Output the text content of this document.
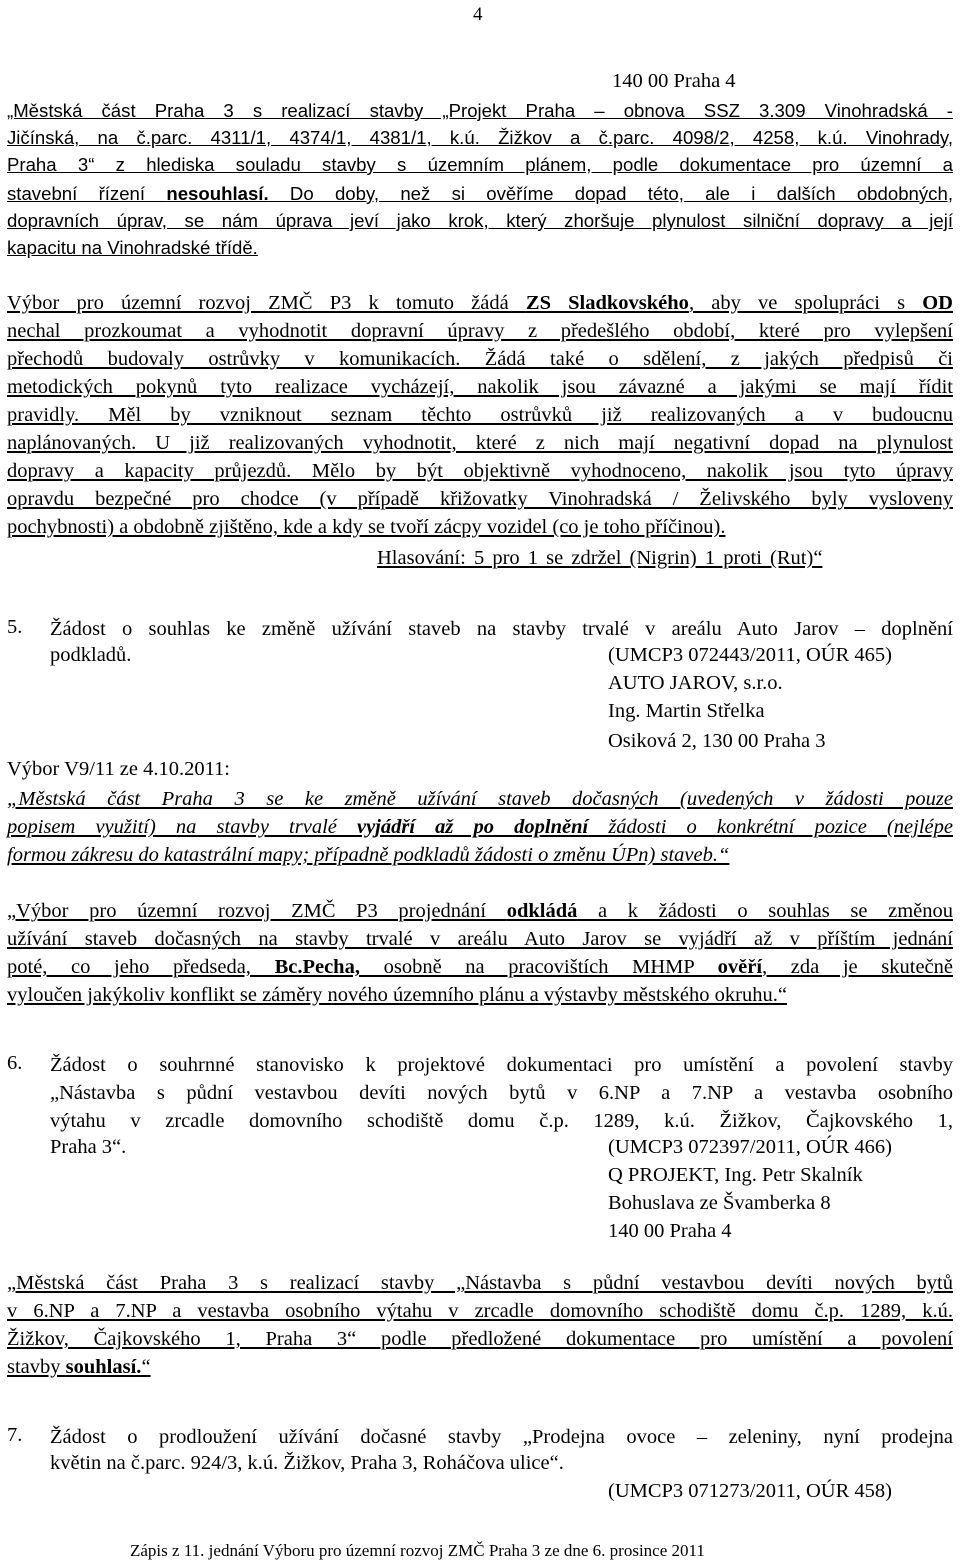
4
140 00 Praha 4
„Městská část Praha 3 s realizací stavby „Projekt Praha – obnova SSZ 3.309 Vinohradská -
Jičínská, na č.parc. 4311/1, 4374/1, 4381/1, k.ú. Žižkov a č.parc. 4098/2, 4258, k.ú. Vinohrady,
Praha 3“ z hlediska souladu stavby s územním plánem, podle dokumentace pro územní a
stavební řízení nesouhlasí. Do doby, než si ověříme dopad této, ale i dalších obdobných,
dopravních úprav, se nám úprava jeví jako krok, který zhoršuje plynulost silniční dopravy a její
kapacitu na Vinohradské třídě.
Výbor pro územní rozvoj ZMČ P3 k tomuto žádá ZS Sladkovského, aby ve spolupráci s OD
nechal prozkoumat a vyhodnotit dopravní úpravy z předešlého období, které pro vylepšení
přechodů budovaly ostrůvky v komunikacích. Žádá také o sdělení, z jakých předpisů či
metodických pokynů tyto realizace vycházejí, nakolik jsou závazné a jakými se mají řídit
pravidly. Měl by vzniknout seznam těchto ostrůvků již realizovaných a v budoucnu
naplánovaných. U již realizovaných vyhodnotit, které z nich mají negativní dopad na plynulost
dopravy a kapacity průjezdů. Mělo by být objektivně vyhodnoceno, nakolik jsou tyto úpravy
opravdu bezpečné pro chodce (v případě křižovatky Vinohradská / Želivského byly vysloveny
pochybnosti) a obdobně zjištěno, kde a kdy se tvoří zácpy vozidel (co je toho příčinou).
Hlasování: 5 pro 1 se zdržel (Nigrin) 1 proti (Rut)“
5. Žádost o souhlas ke změně užívání staveb na stavby trvalé v areálu Auto Jarov – doplnění
podkladů.	(UMCP3 072443/2011, OÚR 465)
AUTO JAROV, s.r.o.
Ing. Martin Střelka
Osiková 2, 130 00 Praha 3
Výbor V9/11 ze 4.10.2011:
„Městská část Praha 3 se ke změně užívání staveb dočasných (uvedených v žádosti pouze
popisem využití) na stavby trvalé vyjádří až po doplnění žádosti o konkrétní pozice (nejlépe
formou zákresu do katastrální mapy; případně podkladů žádosti o změnu ÚPn) staveb.“
„Výbor pro územní rozvoj ZMČ P3 projednání odkládá a k žádosti o souhlas se změnou
užívání staveb dočasných na stavby trvalé v areálu Auto Jarov se vyjádří až v příštím jednání
poté, co jeho předseda, Bc.Pecha, osobně na pracovištích MHMP ověří, zda je skutečně
vyloučen jakýkoliv konflikt se záměry nového územního plánu a výstavby městského okruhu.“
6. Žádost o souhrnné stanovisko k projektové dokumentaci pro umístění a povolení stavby
„Nástavba s půdní vestavbou devíti nových bytů v 6.NP a 7.NP a vestavba osobního
výtahu v zrcadle domovního schodiště domu č.p. 1289, k.ú. Žižkov, Čajkovského 1,
Praha 3“.	(UMCP3 072397/2011, OÚR 466)
Q PROJEKT, Ing. Petr Skalník
Bohuslava ze Švamberka 8
140 00 Praha 4
„Městská část Praha 3 s realizací stavby „Nástavba s půdní vestavbou devíti nových bytů
v 6.NP a 7.NP a vestavba osobního výtahu v zrcadle domovního schodiště domu č.p. 1289, k.ú.
Žižkov, Čajkovského 1, Praha 3“ podle předložené dokumentace pro umístění a povolení
stavby souhlasí.“
7. Žádost o prodloužení užívání dočasné stavby „Prodejna ovoce – zeleniny, nyní prodejna
květin na č.parc. 924/3, k.ú. Žižkov, Praha 3, Roháčova ulice“.
(UMCP3 071273/2011, OÚR 458)
Zápis z 11. jednání Výboru pro územní rozvoj ZMČ Praha 3 ze dne 6. prosince 2011
